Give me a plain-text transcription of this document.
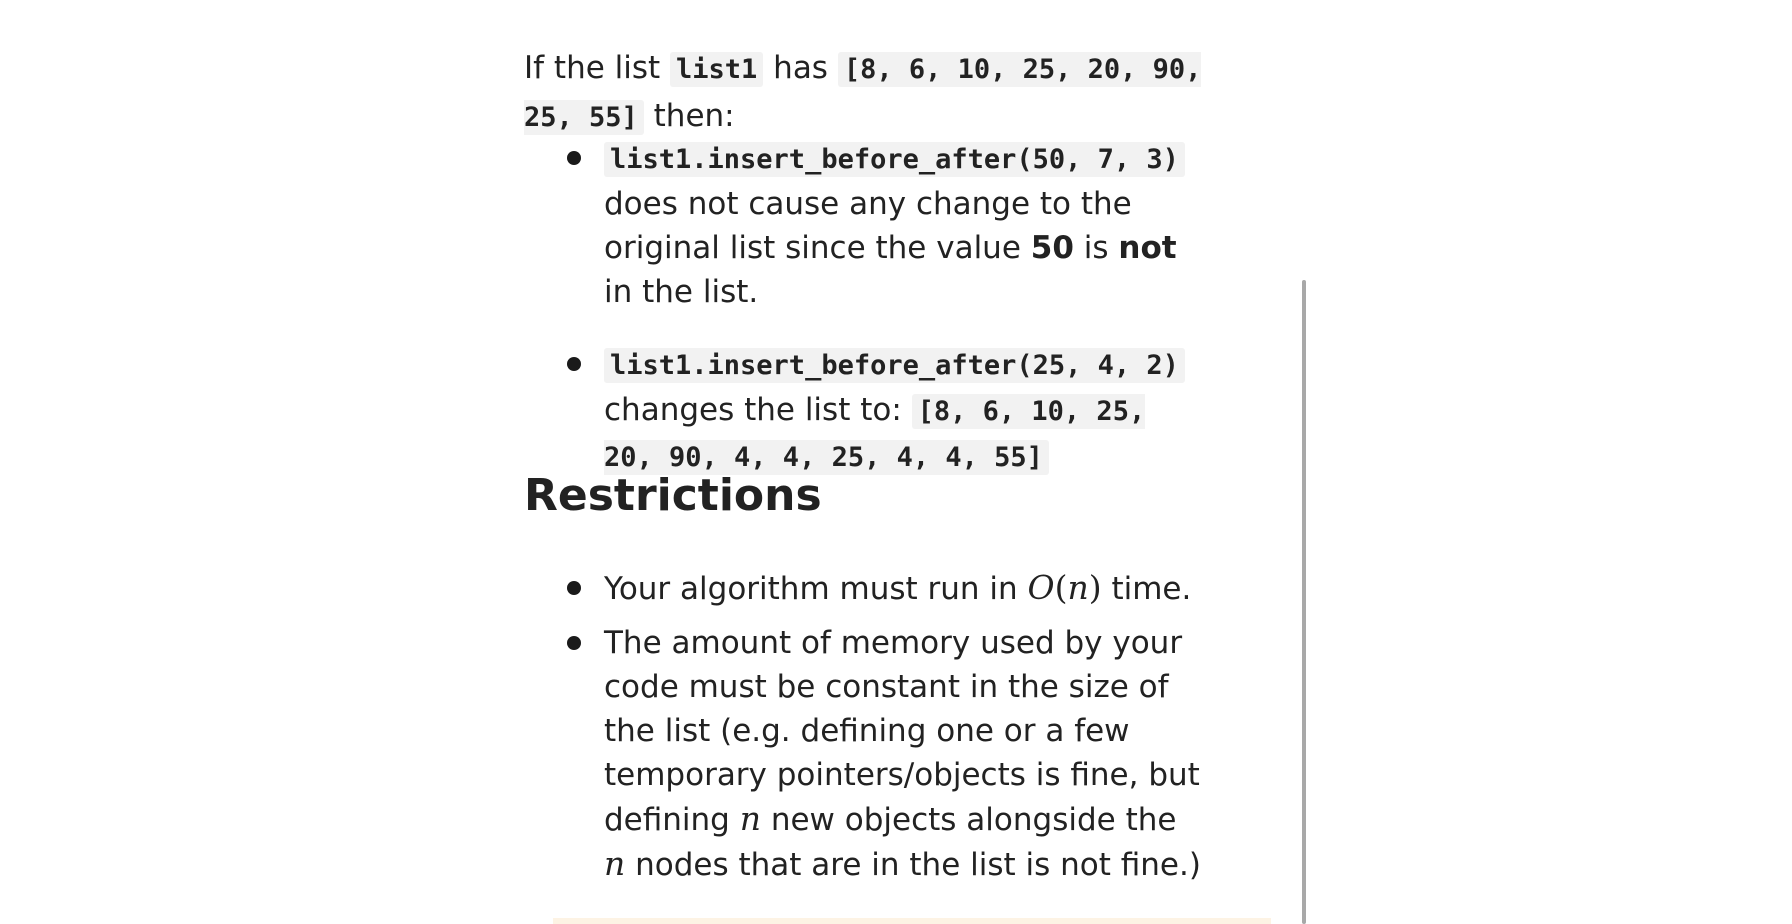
If the list list1 has [8, 6, 10, 25, 20, 90, 25, 55] then:

list1.insert_before_after(50, 7, 3)
does not cause any change to the original list since the value 50 is not in the list.
list1.insert_before_after(25, 4, 2)
changes the list to: [8, 6, 10, 25, 20, 90, 4, 4, 25, 4, 4, 55]
Restrictions
Your algorithm must run in O(n) time.
The amount of memory used by your code must be constant in the size of the list (e.g. defining one or a few temporary pointers/objects is fine, but defining n new objects alongside the n nodes that are in the list is not fine.)
